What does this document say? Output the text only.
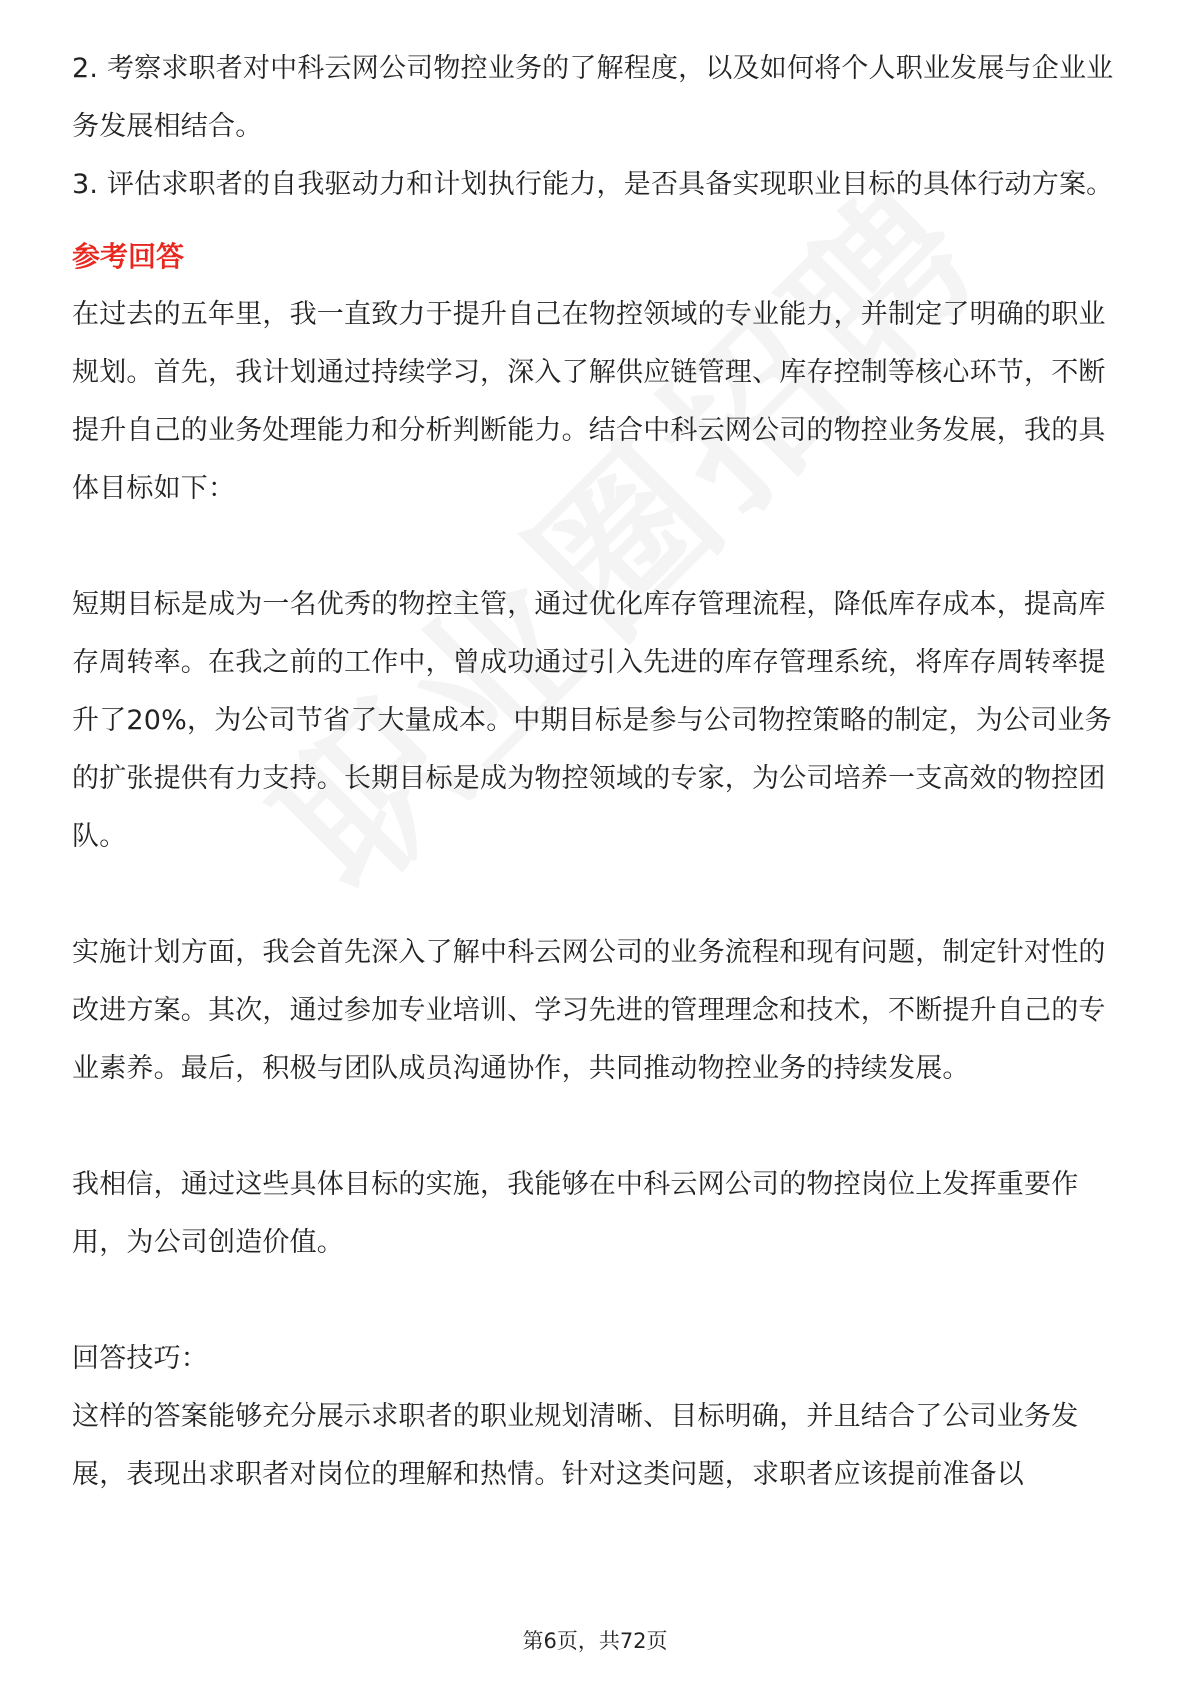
2. 考察求职者对中科云网公司物控业务的了解程度，以及如何将个人职业发展与企业业务发展相结合。

3. 评估求职者的自我驱动力和计划执行能力，是否具备实现职业目标的具体行动方案。

参考回答

在过去的五年里，我一直致力于提升自己在物控领域的专业能力，并制定了明确的职业规划。首先，我计划通过持续学习，深入了解供应链管理、库存控制等核心环节，不断提升自己的业务处理能力和分析判断能力。结合中科云网公司的物控业务发展，我的具体目标如下：

短期目标是成为一名优秀的物控主管，通过优化库存管理流程，降低库存成本，提高库存周转率。在我之前的工作中，曾成功通过引入先进的库存管理系统，将库存周转率提升了20%，为公司节省了大量成本。中期目标是参与公司物控策略的制定，为公司业务的扩张提供有力支持。长期目标是成为物控领域的专家，为公司培养一支高效的物控团队。

实施计划方面，我会首先深入了解中科云网公司的业务流程和现有问题，制定针对性的改进方案。其次，通过参加专业培训、学习先进的管理理念和技术，不断提升自己的专业素养。最后，积极与团队成员沟通协作，共同推动物控业务的持续发展。

我相信，通过这些具体目标的实施，我能够在中科云网公司的物控岗位上发挥重要作用，为公司创造价值。

回答技巧：

这样的答案能够充分展示求职者的职业规划清晰、目标明确，并且结合了公司业务发展，表现出求职者对岗位的理解和热情。针对这类问题，求职者应该提前准备以

第6页，共72页
